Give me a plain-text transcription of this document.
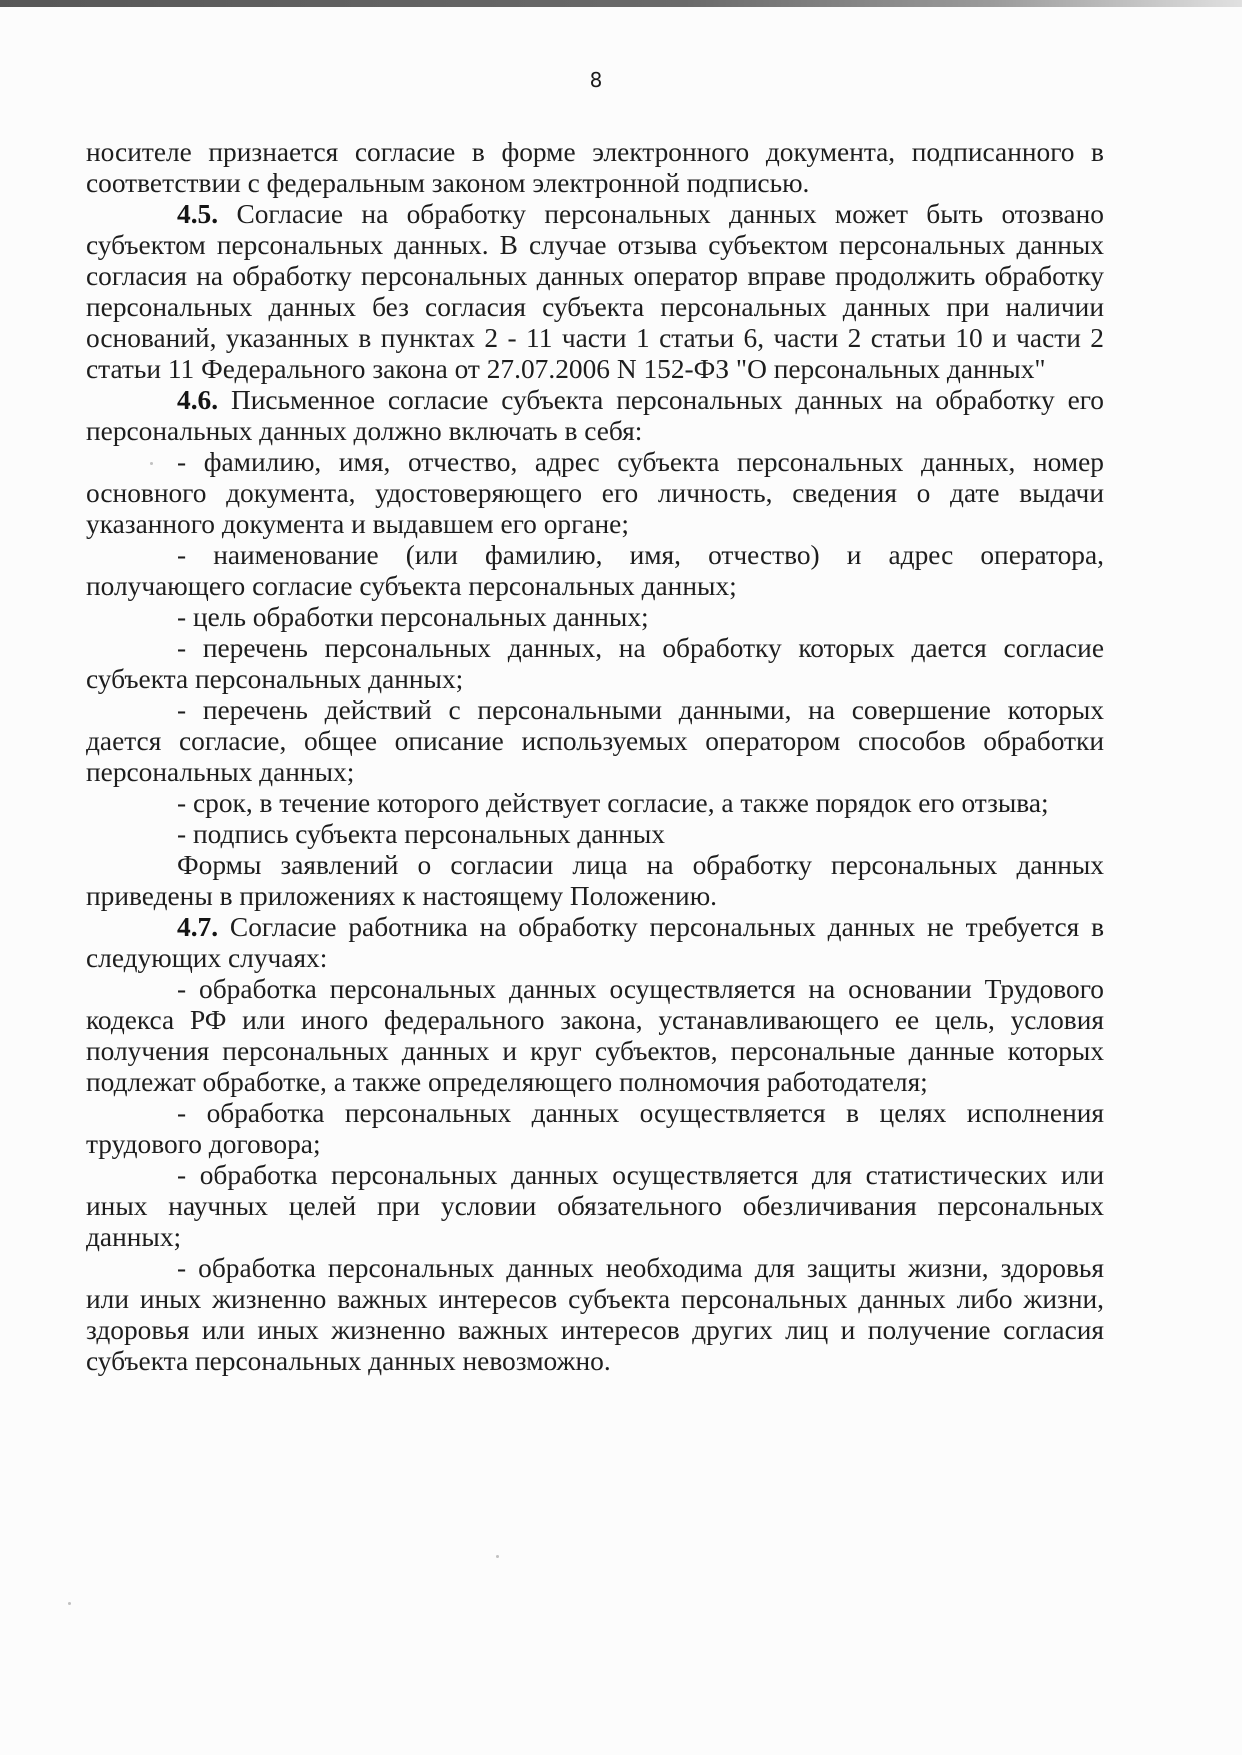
8

носителе признается согласие в форме электронного документа, подписанного в соответствии с федеральным законом электронной подписью.

4.5. Согласие на обработку персональных данных может быть отозвано субъектом персональных данных. В случае отзыва субъектом персональных данных согласия на обработку персональных данных оператор вправе продолжить обработку персональных данных без согласия субъекта персональных данных при наличии оснований, указанных в пунктах 2 - 11 части 1 статьи 6, части 2 статьи 10 и части 2 статьи 11 Федерального закона от 27.07.2006 N 152-ФЗ "О персональных данных"

4.6. Письменное согласие субъекта персональных данных на обработку его персональных данных должно включать в себя:

- фамилию, имя, отчество, адрес субъекта персональных данных, номер основного документа, удостоверяющего его личность, сведения о дате выдачи указанного документа и выдавшем его органе;

- наименование (или фамилию, имя, отчество) и адрес оператора, получающего согласие субъекта персональных данных;

- цель обработки персональных данных;

- перечень персональных данных, на обработку которых дается согласие субъекта персональных данных;

- перечень действий с персональными данными, на совершение которых дается согласие, общее описание используемых оператором способов обработки персональных данных;

- срок, в течение которого действует согласие, а также порядок его отзыва;

- подпись субъекта персональных данных

Формы заявлений о согласии лица на обработку персональных данных приведены в приложениях к настоящему Положению.

4.7. Согласие работника на обработку персональных данных не требуется в следующих случаях:

- обработка персональных данных осуществляется на основании Трудового кодекса РФ или иного федерального закона, устанавливающего ее цель, условия получения персональных данных и круг субъектов, персональные данные которых подлежат обработке, а также определяющего полномочия работодателя;

- обработка персональных данных осуществляется в целях исполнения трудового договора;

- обработка персональных данных осуществляется для статистических или иных научных целей при условии обязательного обезличивания персональных данных;

- обработка персональных данных необходима для защиты жизни, здоровья или иных жизненно важных интересов субъекта персональных данных либо жизни, здоровья или иных жизненно важных интересов других лиц и получение согласия субъекта персональных данных невозможно.
